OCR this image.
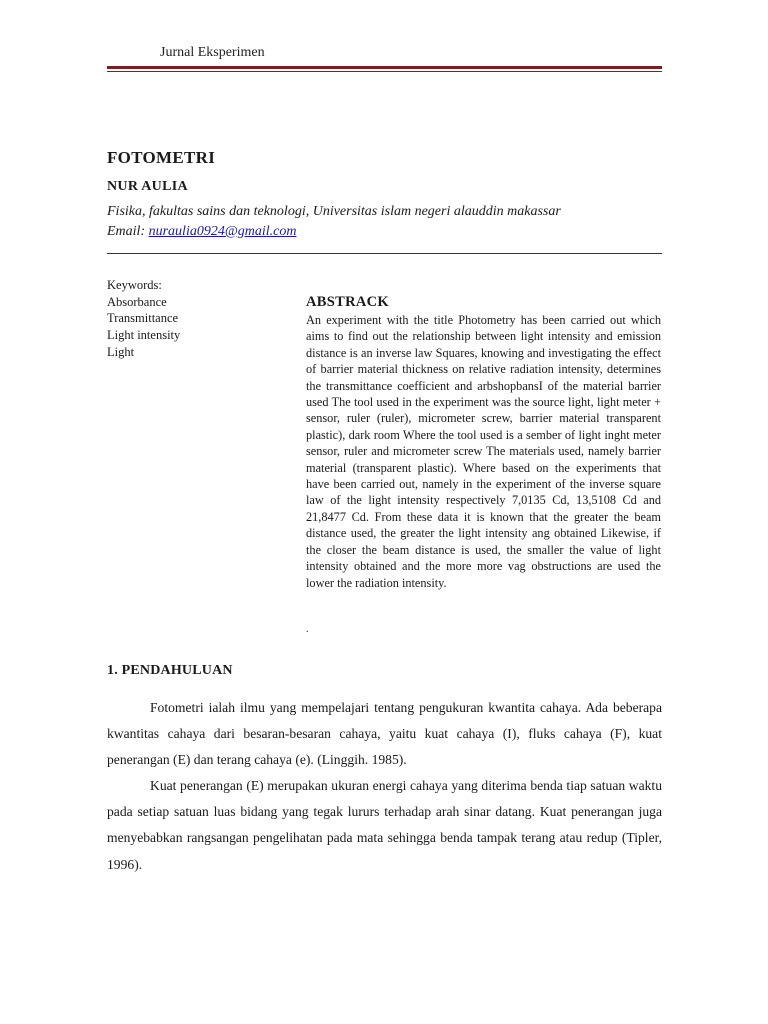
Jurnal Eksperimen
FOTOMETRI
NUR AULIA
Fisika, fakultas sains dan teknologi, Universitas islam negeri alauddin makassar
Email: nuraulia0924@gmail.com
Keywords:
Absorbance
Transmittance
Light intensity
Light
ABSTRACK
An experiment with the title Photometry has been carried out which aims to find out the relationship between light intensity and emission distance is an inverse law Squares, knowing and investigating the effect of barrier material thickness on relative radiation intensity, determines the transmittance coefficient and arbshopbansI of the material barrier used The tool used in the experiment was the source light, light meter + sensor, ruler (ruler), micrometer screw, barrier material transparent plastic), dark room Where the tool used is a sember of light inght meter sensor, ruler and micrometer screw The materials used, namely barrier material (transparent plastic). Where based on the experiments that have been carried out, namely in the experiment of the inverse square law of the light intensity respectively 7,0135 Cd, 13,5108 Cd and 21,8477 Cd. From these data it is known that the greater the beam distance used, the greater the light intensity ang obtained Likewise, if the closer the beam distance is used, the smaller the value of light intensity obtained and the more more vag obstructions are used the lower the radiation intensity.
.
1. PENDAHULUAN
Fotometri ialah ilmu yang mempelajari tentang pengukuran kwantita cahaya. Ada beberapa kwantitas cahaya dari besaran-besaran cahaya, yaitu kuat cahaya (I), fluks cahaya (F), kuat penerangan (E) dan terang cahaya (e). (Linggih. 1985).
Kuat penerangan (E) merupakan ukuran energi cahaya yang diterima benda tiap satuan waktu pada setiap satuan luas bidang yang tegak lururs terhadap arah sinar datang. Kuat penerangan juga menyebabkan rangsangan pengelihatan pada mata sehingga benda tampak terang atau redup (Tipler, 1996).
